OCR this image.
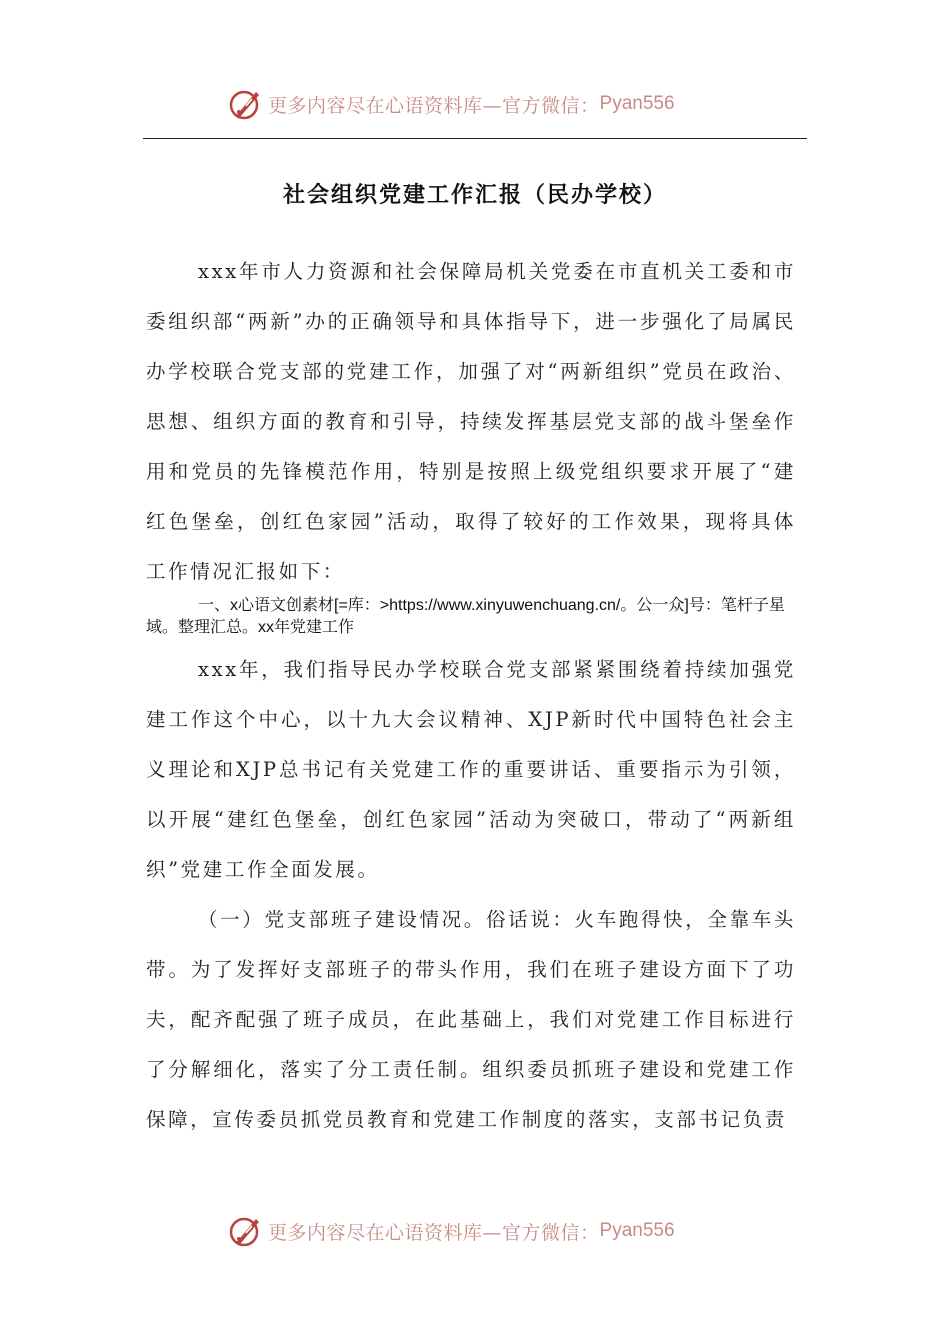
更多内容尽在心语资料库—官方微信： Pyan556
社会组织党建工作汇报（民办学校）
xxx年市人力资源和社会保障局机关党委在市直机关工委和市委组织部“两新”办的正确领导和具体指导下，进一步强化了局属民办学校联合党支部的党建工作，加强了对“两新组织”党员在政治、思想、组织方面的教育和引导，持续发挥基层党支部的战斗堡垒作用和党员的先锋模范作用，特别是按照上级党组织要求开展了“建红色堡垒，创红色家园”活动，取得了较好的工作效果，现将具体工作情况汇报如下：
一、x心语文创素材[=库：>https://www.xinyuwenchuang.cn/。公一众]号：笔杆子星域。整理汇总。xx年党建工作
xxx年，我们指导民办学校联合党支部紧紧围绕着持续加强党建工作这个中心，以十九大会议精神、XJP新时代中国特色社会主义理论和XJP总书记有关党建工作的重要讲话、重要指示为引领，以开展“建红色堡垒，创红色家园”活动为突破口，带动了“两新组织”党建工作全面发展。
（一）党支部班子建设情况。俗话说：火车跑得快，全靠车头带。为了发挥好支部班子的带头作用，我们在班子建设方面下了功夫，配齐配强了班子成员，在此基础上，我们对党建工作目标进行了分解细化，落实了分工责任制。组织委员抓班子建设和党建工作保障，宣传委员抓党员教育和党建工作制度的落实，支部书记负责
更多内容尽在心语资料库—官方微信： Pyan556
